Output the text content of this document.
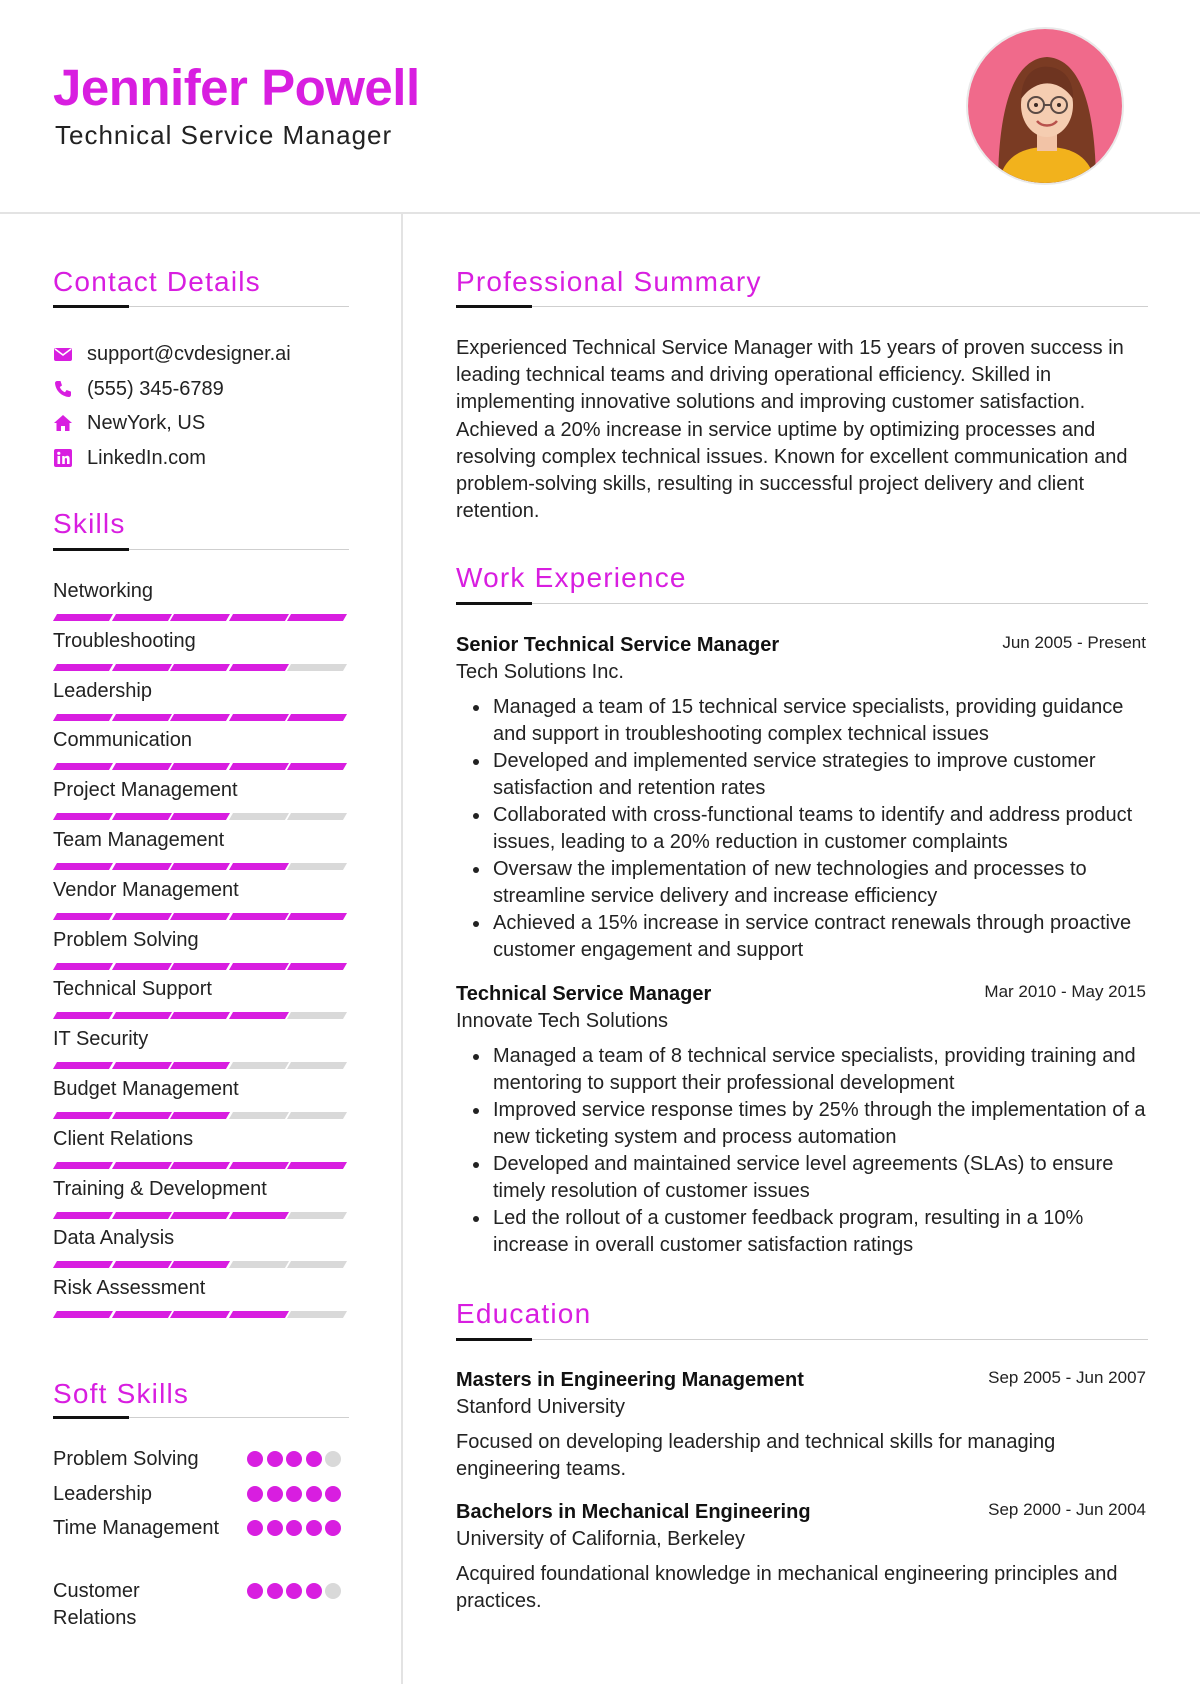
Jennifer Powell
Technical Service Manager
Contact Details
support@cvdesigner.ai
(555) 345-6789
NewYork, US
LinkedIn.com
Skills
Networking
Troubleshooting
Leadership
Communication
Project Management
Team Management
Vendor Management
Problem Solving
Technical Support
IT Security
Budget Management
Client Relations
Training & Development
Data Analysis
Risk Assessment
Soft Skills
Problem Solving
Leadership
Time Management
Customer Relations
Professional Summary
Experienced Technical Service Manager with 15 years of proven success in leading technical teams and driving operational efficiency. Skilled in implementing innovative solutions and improving customer satisfaction. Achieved a 20% increase in service uptime by optimizing processes and resolving complex technical issues. Known for excellent communication and problem-solving skills, resulting in successful project delivery and client retention.
Work Experience
Senior Technical Service Manager	Jun 2005 - Present
Tech Solutions Inc.
Managed a team of 15 technical service specialists, providing guidance and support in troubleshooting complex technical issues
Developed and implemented service strategies to improve customer satisfaction and retention rates
Collaborated with cross-functional teams to identify and address product issues, leading to a 20% reduction in customer complaints
Oversaw the implementation of new technologies and processes to streamline service delivery and increase efficiency
Achieved a 15% increase in service contract renewals through proactive customer engagement and support
Technical Service Manager	Mar 2010 - May 2015
Innovate Tech Solutions
Managed a team of 8 technical service specialists, providing training and mentoring to support their professional development
Improved service response times by 25% through the implementation of a new ticketing system and process automation
Developed and maintained service level agreements (SLAs) to ensure timely resolution of customer issues
Led the rollout of a customer feedback program, resulting in a 10% increase in overall customer satisfaction ratings
Education
Masters in Engineering Management	Sep 2005 - Jun 2007
Stanford University
Focused on developing leadership and technical skills for managing engineering teams.
Bachelors in Mechanical Engineering	Sep 2000 - Jun 2004
University of California, Berkeley
Acquired foundational knowledge in mechanical engineering principles and practices.
